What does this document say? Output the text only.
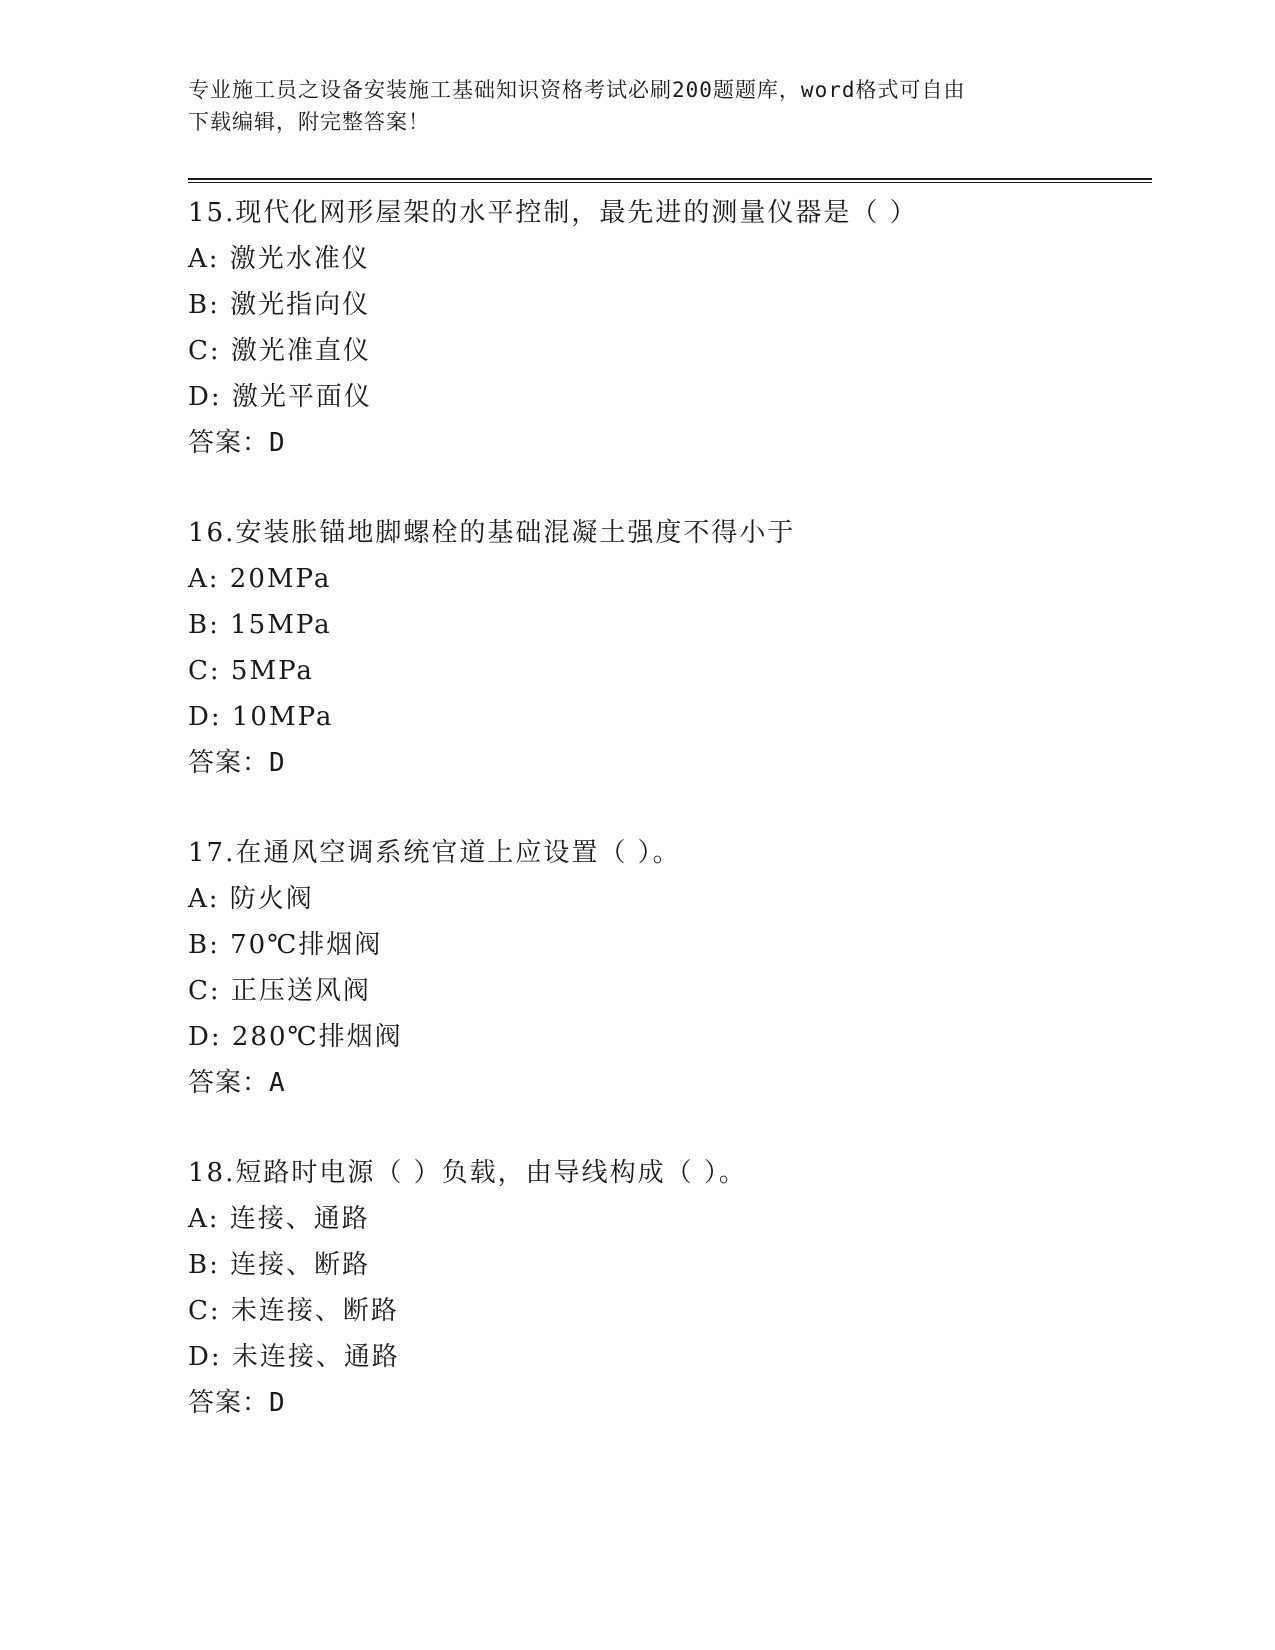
专业施工员之设备安装施工基础知识资格考试必刷200题题库，word格式可自由
下载编辑，附完整答案！
15.现代化网形屋架的水平控制，最先进的测量仪器是（ ）
A: 激光水准仪
B: 激光指向仪
C: 激光准直仪
D: 激光平面仪
答案：D
16.安装胀锚地脚螺栓的基础混凝土强度不得小于
A: 20MPa
B: 15MPa
C: 5MPa
D: 10MPa
答案：D
17.在通风空调系统官道上应设置（ ）。
A: 防火阀
B: 70℃排烟阀
C: 正压送风阀
D: 280℃排烟阀
答案：A
18.短路时电源（ ）负载，由导线构成（ ）。
A: 连接、通路
B: 连接、断路
C: 未连接、断路
D: 未连接、通路
答案：D
